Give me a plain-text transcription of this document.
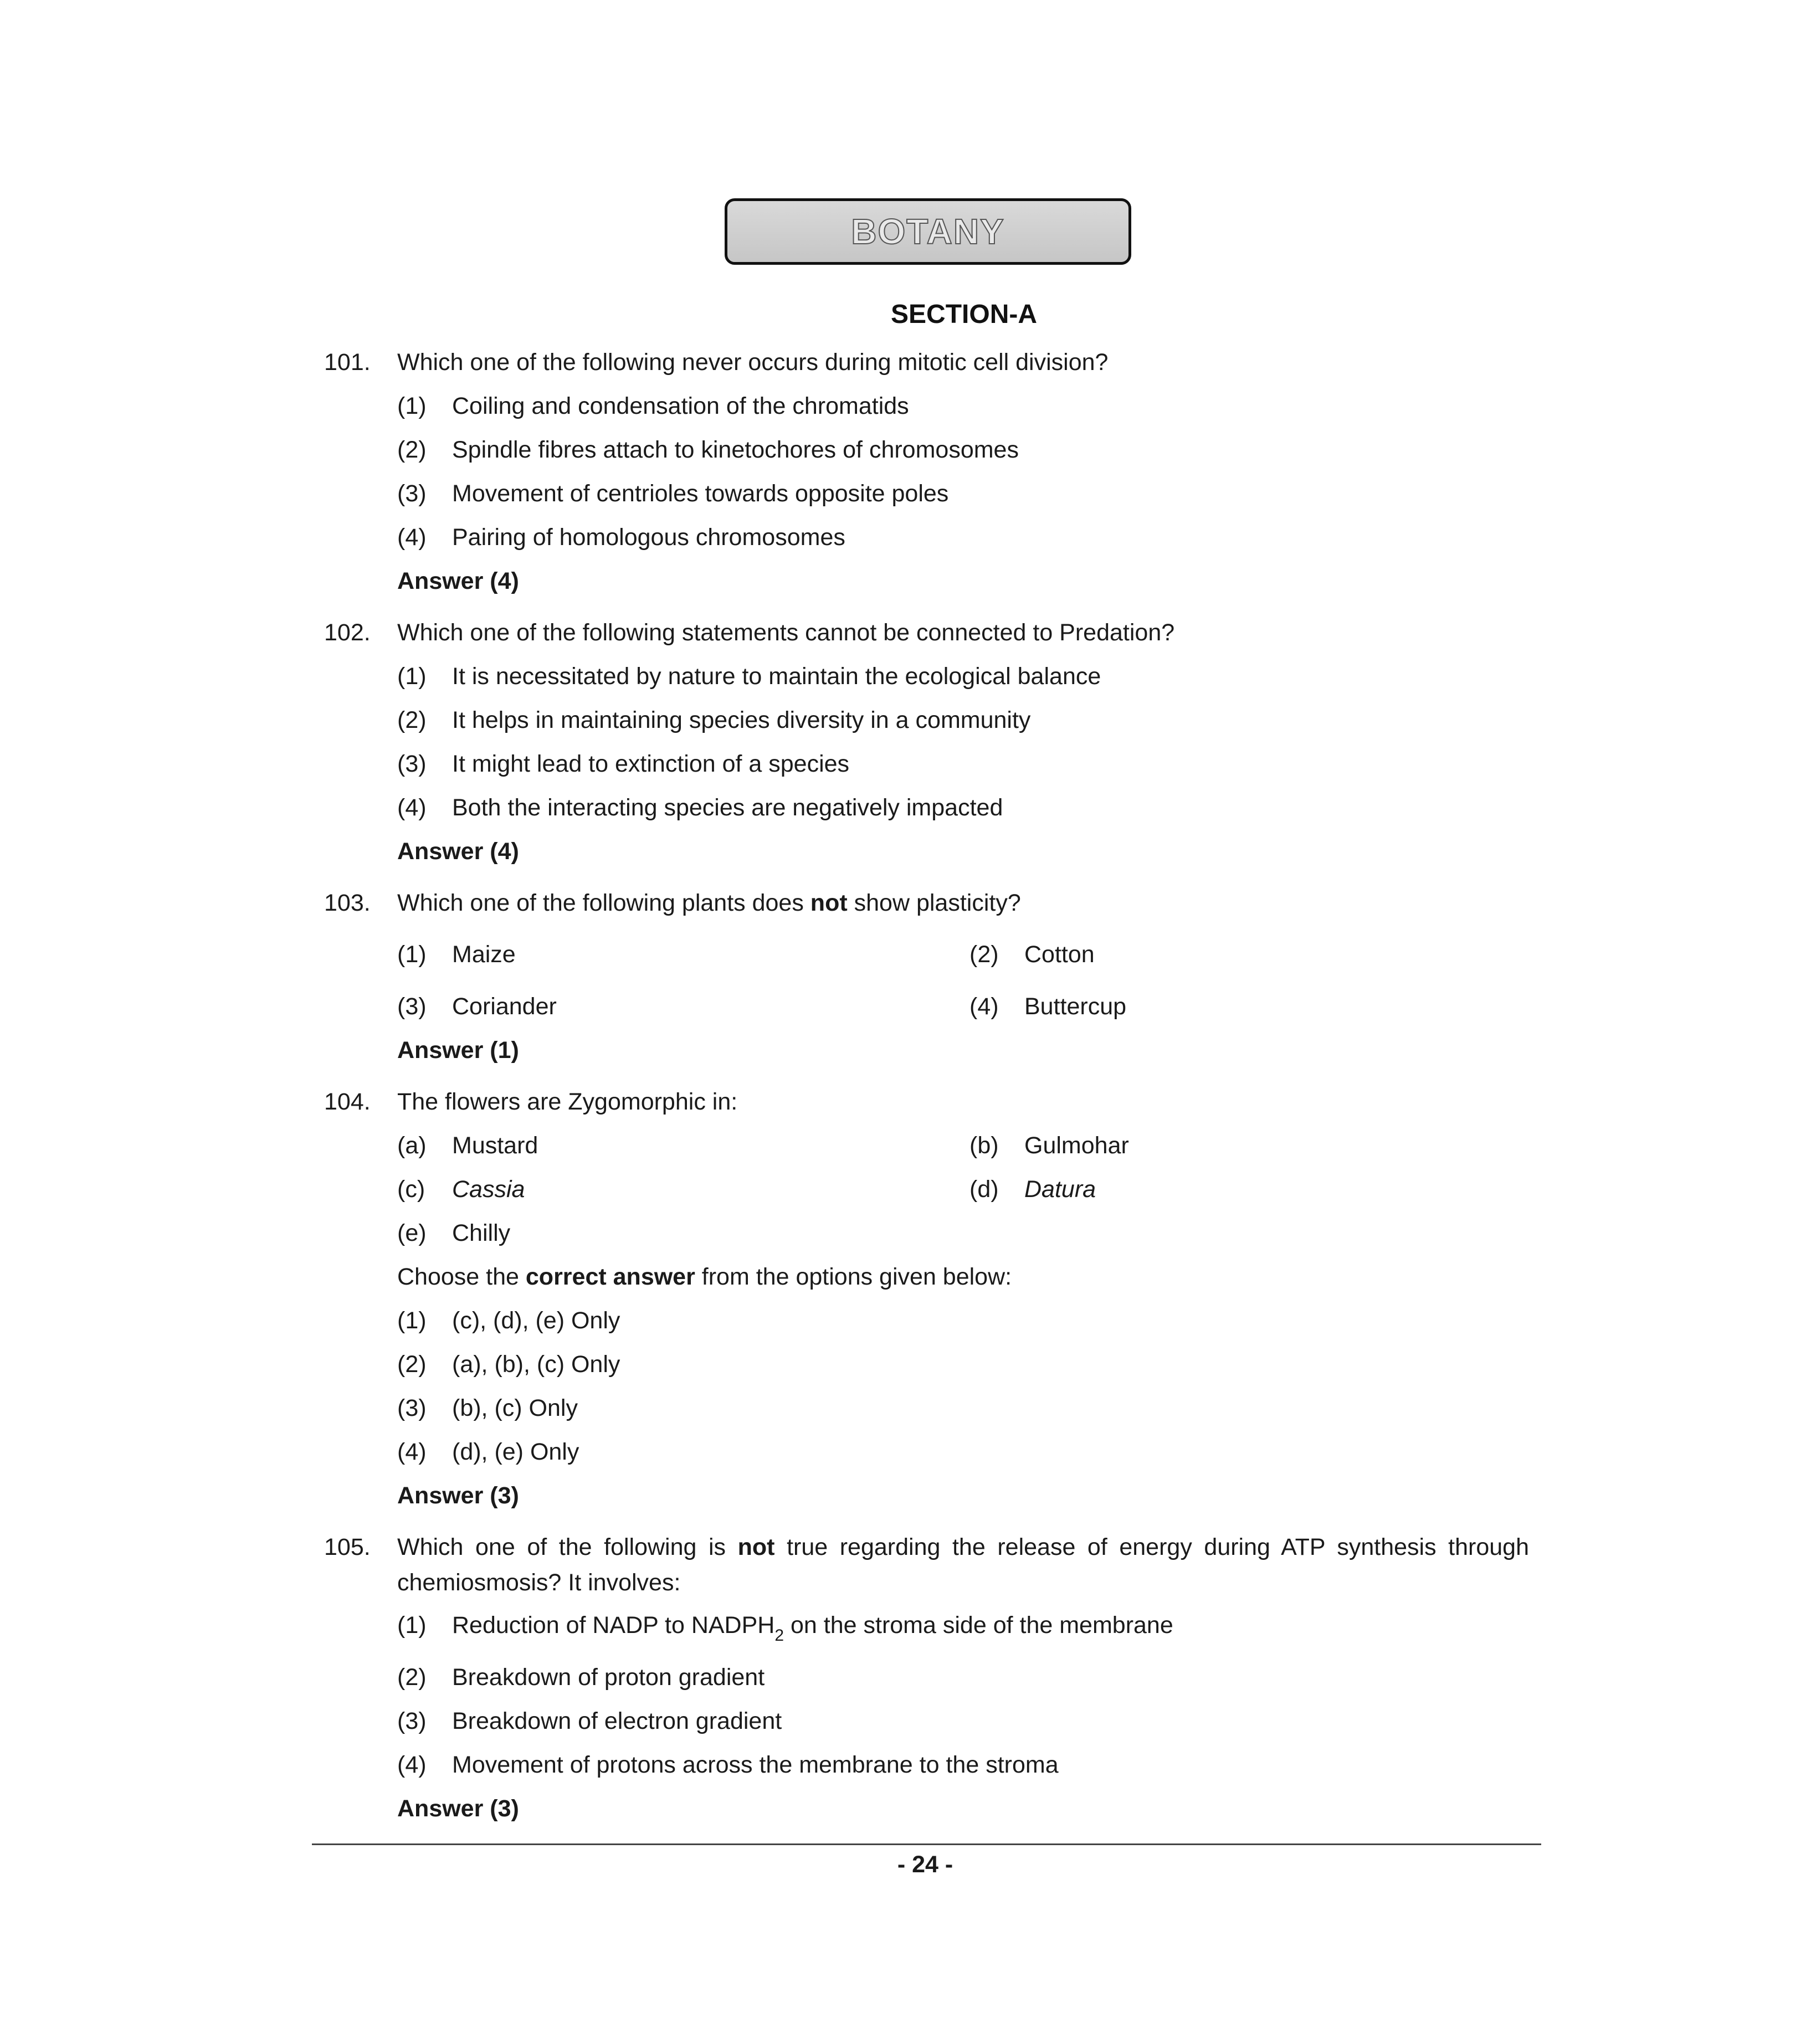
BOTANY
SECTION-A
101.	Which one of the following never occurs during mitotic cell division?
(1) Coiling and condensation of the chromatids
(2) Spindle fibres attach to kinetochores of chromosomes
(3) Movement of centrioles towards opposite poles
(4) Pairing of homologous chromosomes
Answer (4)
102.	Which one of the following statements cannot be connected to Predation?
(1) It is necessitated by nature to maintain the ecological balance
(2) It helps in maintaining species diversity in a community
(3) It might lead to extinction of a species
(4) Both the interacting species are negatively impacted
Answer (4)
103.	Which one of the following plants does not show plasticity?
(1) Maize	(2) Cotton
(3) Coriander	(4) Buttercup
Answer (1)
104.	The flowers are Zygomorphic in:
(a) Mustard	(b) Gulmohar
(c) Cassia	(d) Datura
(e) Chilly
Choose the correct answer from the options given below:
(1) (c), (d), (e) Only
(2) (a), (b), (c) Only
(3) (b), (c) Only
(4) (d), (e) Only
Answer (3)
105.	Which one of the following is not true regarding the release of energy during ATP synthesis through chemiosmosis? It involves:
(1) Reduction of NADP to $NADPH_2$ on the stroma side of the membrane
(2) Breakdown of proton gradient
(3) Breakdown of electron gradient
(4) Movement of protons across the membrane to the stroma
Answer (3)
- 24 -
